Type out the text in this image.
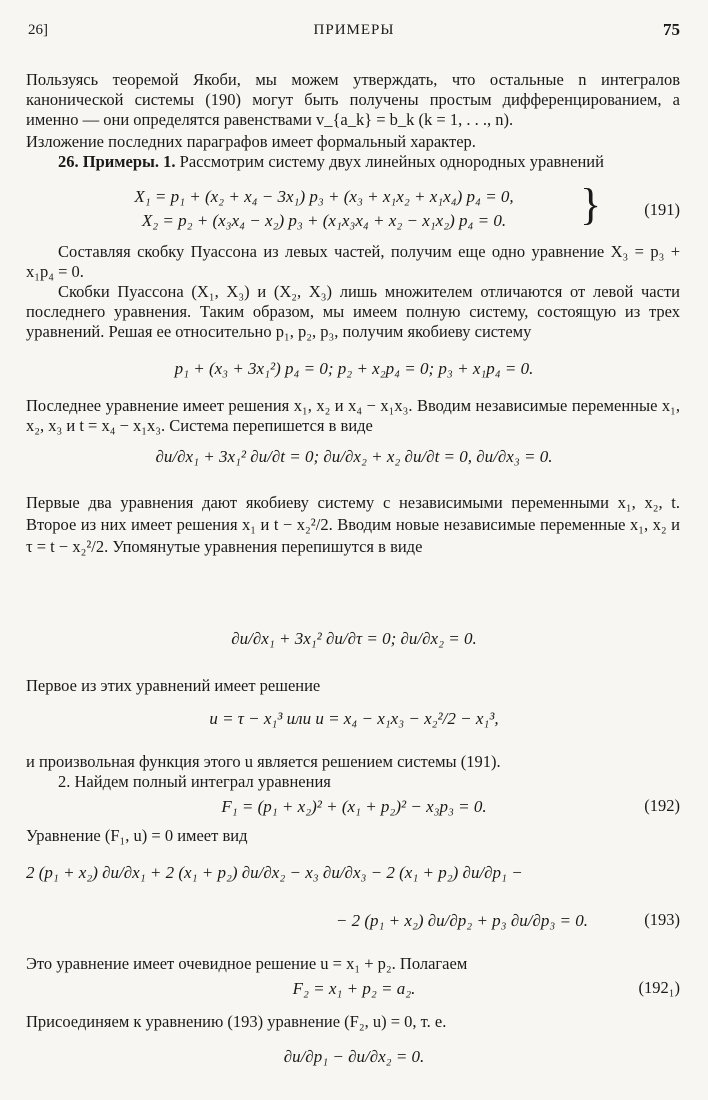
26]	ПРИМЕРЫ	75
Пользуясь теоремой Якоби, мы можем утверждать, что остальные n интегралов канонической системы (190) могут быть получены простым дифференцированием, а именно — они определятся равенствами v_{a_k} = b_k (k = 1, . . ., n).
Изложение последних параграфов имеет формальный характер.
26. Примеры. 1. Рассмотрим систему двух линейных однородных уравнений
X₁ = p₁ + (x₂ + x₄ − 3x₁) p₃ + (x₃ + x₁x₂ + x₁x₄) p₄ = 0,
X₂ = p₂ + (x₃x₄ − x₂) p₃ + (x₁x₃x₄ + x₂ − x₁x₂) p₄ = 0.	}	(191)
Составляя скобку Пуассона из левых частей, получим еще одно уравнение X₃ = p₃ + x₁p₄ = 0.
Скобки Пуассона (X₁, X₃) и (X₂, X₃) лишь множителем отличаются от левой части последнего уравнения. Таким образом, мы имеем полную систему, состоящую из трех уравнений. Решая ее относительно p₁, p₂, p₃, получим якобиеву систему
p₁ + (x₃ + 3x₁²) p₄ = 0; p₂ + x₂p₄ = 0; p₃ + x₁p₄ = 0.
Последнее уравнение имеет решения x₁, x₂ и x₄ − x₁x₃. Вводим независимые переменные x₁, x₂, x₃ и t = x₄ − x₁x₃. Система перепишется в виде
∂u/∂x₁ + 3x₁² ∂u/∂t = 0; ∂u/∂x₂ + x₂ ∂u/∂t = 0, ∂u/∂x₃ = 0.
Первые два уравнения дают якобиеву систему с независимыми переменными x₁, x₂, t. Второе из них имеет решения x₁ и t − x₂²/2. Вводим новые независимые переменные x₁, x₂ и τ = t − x₂²/2. Упомянутые уравнения перепишутся в виде
∂u/∂x₁ + 3x₁² ∂u/∂τ = 0; ∂u/∂x₂ = 0.
Первое из этих уравнений имеет решение
u = τ − x₁³ или u = x₄ − x₁x₃ − x₂²/2 − x₁³,
и произвольная функция этого u является решением системы (191).
2. Найдем полный интеграл уравнения
F₁ = (p₁ + x₂)² + (x₁ + p₂)² − x₃p₃ = 0.	(192)
Уравнение (F₁, u) = 0 имеет вид
2 (p₁ + x₂) ∂u/∂x₁ + 2 (x₁ + p₂) ∂u/∂x₂ − x₃ ∂u/∂x₃ − 2 (x₁ + p₂) ∂u/∂p₁ −
− 2 (p₁ + x₂) ∂u/∂p₂ + p₃ ∂u/∂p₃ = 0.	(193)
Это уравнение имеет очевидное решение u = x₁ + p₂. Полагаем
F₂ = x₁ + p₂ = a₂.	(192₁)
Присоединяем к уравнению (193) уравнение (F₂, u) = 0, т. е.
∂u/∂p₁ − ∂u/∂x₂ = 0.
